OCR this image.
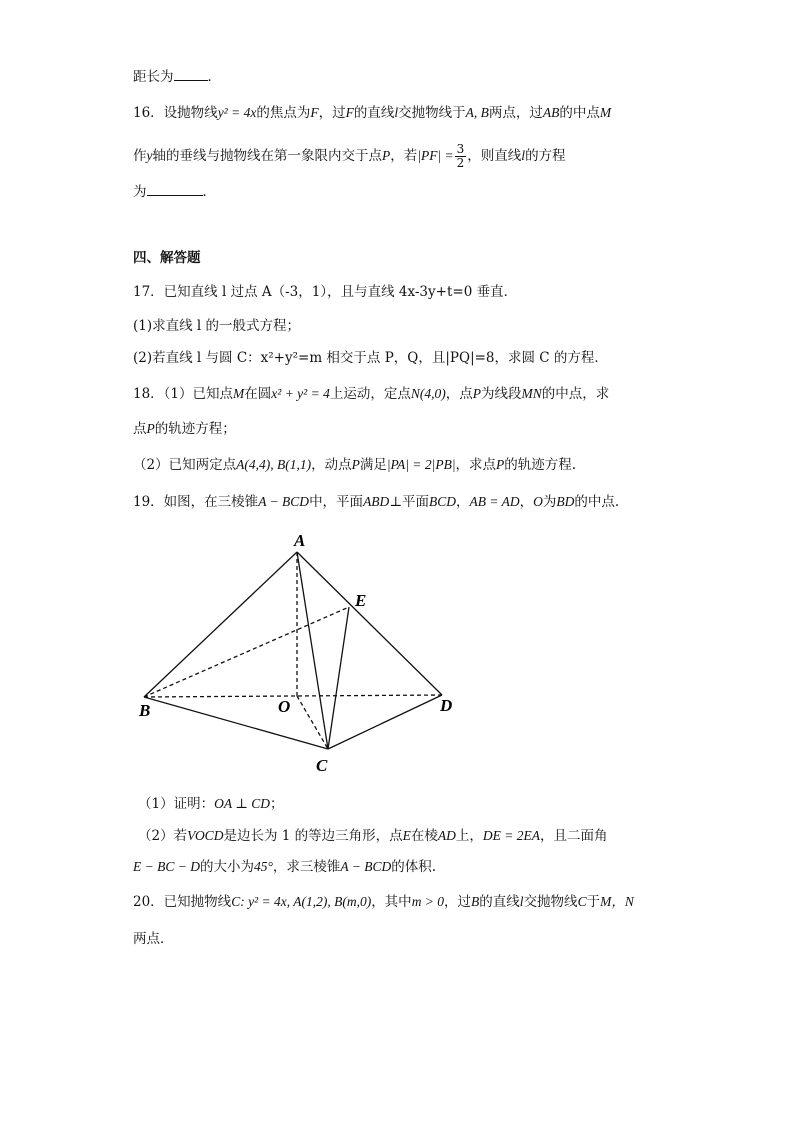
距长为	．
16．设抛物线y² = 4x的焦点为F，过F的直线l交抛物线于A, B两点，过AB的中点M
作y轴的垂线与抛物线在第一象限内交于点P，若$|PF| = \frac{3}{2}$ ，则直线l的方程
为	．
四、解答题
17．已知直线 l 过点 A（-3，1），且与直线 4x-3y+t=0 垂直．
(1)求直线 l 的一般式方程；
(2)若直线 l 与圆 C：x²+y²=m 相交于点 P，Q，且|PQ|=8，求圆 C 的方程．
18．（1）已知点M在圆x² + y² = 4上运动，定点N(4,0)，点P为线段MN的中点，求
点P的轨迹方程；
（2）已知两定点A(4,4), B(1,1)，动点P满足|PA| = 2|PB|，求点P的轨迹方程.
19．如图，在三棱锥A − BCD中，平面ABD⊥平面BCD，AB = AD，O为BD的中点.
A
E
B	O	D
C
（1）证明：OA ⊥ CD；
（2）若VOCD是边长为 1 的等边三角形，点E在棱AD上，DE = 2EA，且二面角
E − BC − D的大小为45°，求三棱锥A − BCD的体积.
20．已知抛物线C: y² = 4x, A(1,2), B(m,0)，其中m > 0，过B的直线l交抛物线C于M，N
两点．
